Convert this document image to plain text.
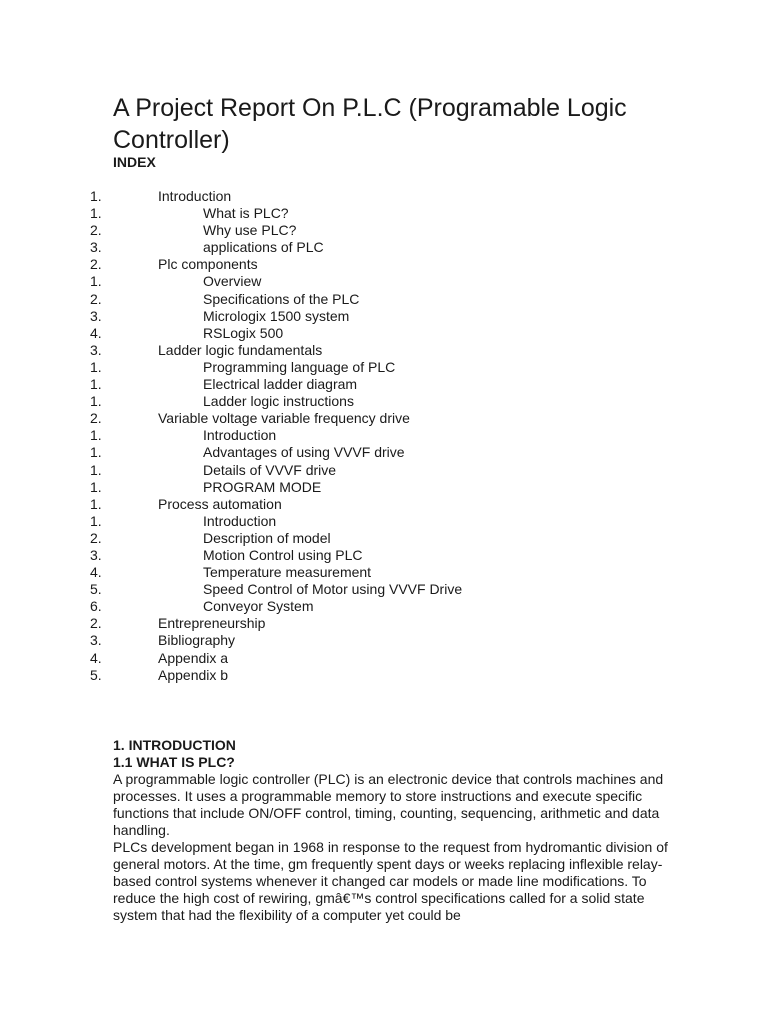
A Project Report On P.L.C (Programable Logic Controller)
INDEX
1.	Introduction
1.	What is PLC?
2.	Why use PLC?
3.	applications of PLC
2.	Plc components
1.	Overview
2.	Specifications of the PLC
3.	Micrologix 1500 system
4.	RSLogix 500
3.	Ladder logic fundamentals
1.	Programming language of PLC
1.	Electrical ladder diagram
1.	Ladder logic instructions
2.	Variable voltage variable frequency drive
1.	Introduction
1.	Advantages of using VVVF drive
1.	Details of VVVF drive
1.	PROGRAM MODE
1.	Process automation
1.	Introduction
2.	Description of model
3.	Motion Control using PLC
4.	Temperature measurement
5.	Speed Control of Motor using VVVF Drive
6.	Conveyor System
2.	Entrepreneurship
3.	Bibliography
4.	Appendix a
5.	Appendix b
1. INTRODUCTION
1.1 WHAT IS PLC?

A programmable logic controller (PLC) is an electronic device that controls machines and processes. It uses a programmable memory to store instructions and execute specific functions that include ON/OFF control, timing, counting, sequencing, arithmetic and data handling.

PLCs development began in 1968 in response to the request from hydromantic division of general motors. At the time, gm frequently spent days or weeks replacing inflexible relay-based control systems whenever it changed car models or made line modifications. To reduce the high cost of rewiring, gmâ€™s control specifications called for a solid state system that had the flexibility of a computer yet could be
